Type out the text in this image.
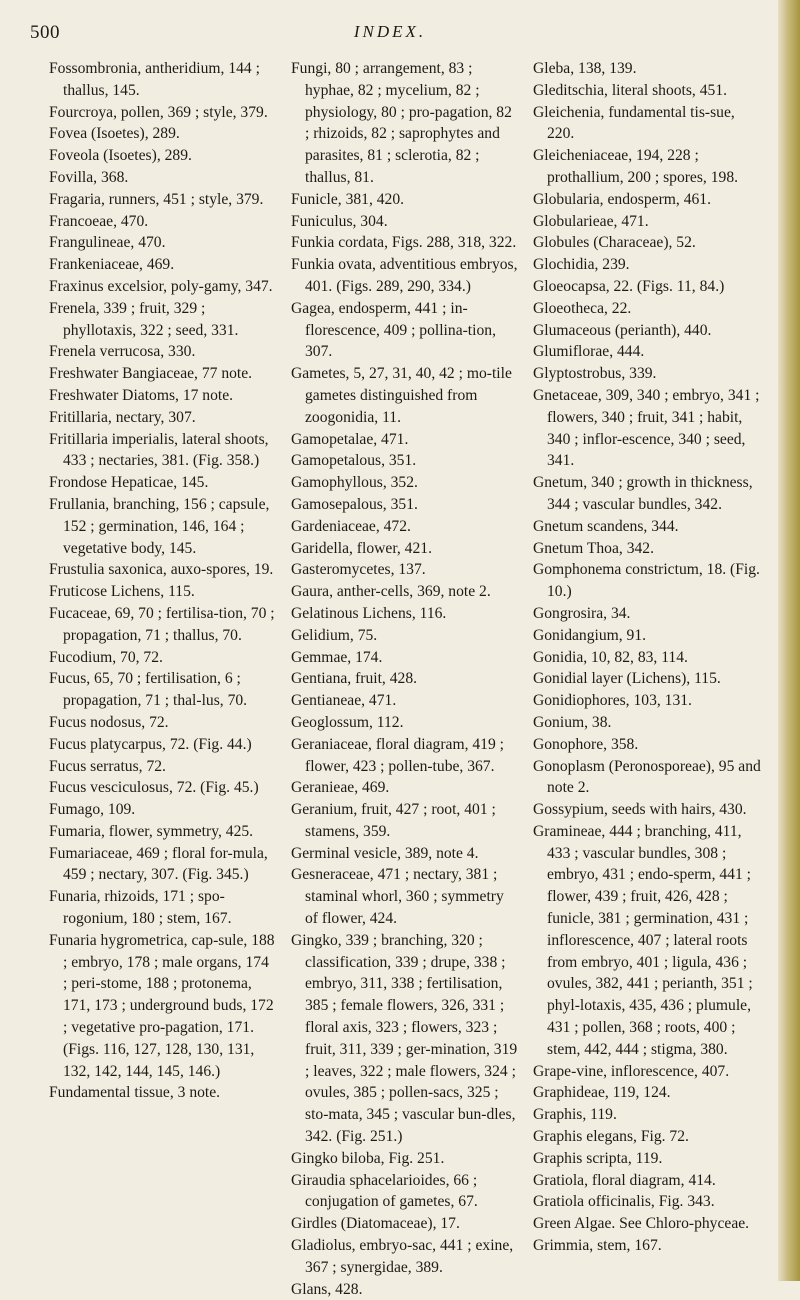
500	INDEX.
Fossombronia, antheridium, 144 ; thallus, 145.
Fourcroya, pollen, 369 ; style, 379.
Fovea (Isoetes), 289.
Foveola (Isoetes), 289.
Fovilla, 368.
Fragaria, runners, 451 ; style, 379.
Francoeae, 470.
Frangulineae, 470.
Frankeniaceae, 469.
Fraxinus excelsior, poly-gamy, 347.
Frenela, 339 ; fruit, 329 ; phyllotaxis, 322 ; seed, 331.
Frenela verrucosa, 330.
Freshwater Bangiaceae, 77 note.
Freshwater Diatoms, 17 note.
Fritillaria, nectary, 307.
Fritillaria imperialis, lateral shoots, 433 ; nectaries, 381. (Fig. 358.)
Frondose Hepaticae, 145.
Frullania, branching, 156 ; capsule, 152 ; germination, 146, 164 ; vegetative body, 145.
Frustulia saxonica, auxo-spores, 19.
Fruticose Lichens, 115.
Fucaceae, 69, 70 ; fertilisa-tion, 70 ; propagation, 71 ; thallus, 70.
Fucodium, 70, 72.
Fucus, 65, 70 ; fertilisation, 6 ; propagation, 71 ; thal-lus, 70.
Fucus nodosus, 72.
Fucus platycarpus, 72. (Fig. 44.)
Fucus serratus, 72.
Fucus vesciculosus, 72. (Fig. 45.)
Fumago, 109.
Fumaria, flower, symmetry, 425.
Fumariaceae, 469 ; floral for-mula, 459 ; nectary, 307. (Fig. 345.)
Funaria, rhizoids, 171 ; spo-rogonium, 180 ; stem, 167.
Funaria hygrometrica, cap-sule, 188 ; embryo, 178 ; male organs, 174 ; peri-stome, 188 ; protonema, 171, 173 ; underground buds, 172 ; vegetative pro-pagation, 171. (Figs. 116, 127, 128, 130, 131, 132, 142, 144, 145, 146.)
Fundamental tissue, 3 note.
Fungi, 80 ; arrangement, 83 ; hyphae, 82 ; mycelium, 82 ; physiology, 80 ; pro-pagation, 82 ; rhizoids, 82 ; saprophytes and parasites, 81 ; sclerotia, 82 ; thallus, 81.
Funicle, 381, 420.
Funiculus, 304.
Funkia cordata, Figs. 288, 318, 322.
Funkia ovata, adventitious embryos, 401. (Figs. 289, 290, 334.)
Gagea, endosperm, 441 ; in-florescence, 409 ; pollina-tion, 307.
Gametes, 5, 27, 31, 40, 42 ; mo-tile gametes distinguished from zoogonidia, 11.
Gamopetalae, 471.
Gamopetalous, 351.
Gamophyllous, 352.
Gamosepalous, 351.
Gardeniaceae, 472.
Garidella, flower, 421.
Gasteromycetes, 137.
Gaura, anther-cells, 369, note 2.
Gelatinous Lichens, 116.
Gelidium, 75.
Gemmae, 174.
Gentiana, fruit, 428.
Gentianeae, 471.
Geoglossum, 112.
Geraniaceae, floral diagram, 419 ; flower, 423 ; pollen-tube, 367.
Geranieae, 469.
Geranium, fruit, 427 ; root, 401 ; stamens, 359.
Germinal vesicle, 389, note 4.
Gesneraceae, 471 ; nectary, 381 ; staminal whorl, 360 ; symmetry of flower, 424.
Gingko, 339 ; branching, 320 ; classification, 339 ; drupe, 338 ; embryo, 311, 338 ; fertilisation, 385 ; female flowers, 326, 331 ; floral axis, 323 ; flowers, 323 ; fruit, 311, 339 ; ger-mination, 319 ; leaves, 322 ; male flowers, 324 ; ovules, 385 ; pollen-sacs, 325 ; sto-mata, 345 ; vascular bun-dles, 342. (Fig. 251.)
Gingko biloba, Fig. 251.
Giraudia sphacelarioides, 66 ; conjugation of gametes, 67.
Girdles (Diatomaceae), 17.
Gladiolus, embryo-sac, 441 ; exine, 367 ; synergidae, 389.
Glans, 428.
Gleba, 138, 139.
Gleditschia, literal shoots, 451.
Gleichenia, fundamental tis-sue, 220.
Gleicheniaceae, 194, 228 ; prothallium, 200 ; spores, 198.
Globularia, endosperm, 461.
Globularieae, 471.
Globules (Characeae), 52.
Glochidia, 239.
Gloeocapsa, 22. (Figs. 11, 84.)
Gloeotheca, 22.
Glumaceous (perianth), 440.
Glumiflorae, 444.
Glyptostrobus, 339.
Gnetaceae, 309, 340 ; embryo, 341 ; flowers, 340 ; fruit, 341 ; habit, 340 ; inflor-escence, 340 ; seed, 341.
Gnetum, 340 ; growth in thickness, 344 ; vascular bundles, 342.
Gnetum scandens, 344.
Gnetum Thoa, 342.
Gomphonema constrictum, 18. (Fig. 10.)
Gongrosira, 34.
Gonidangium, 91.
Gonidia, 10, 82, 83, 114.
Gonidial layer (Lichens), 115.
Gonidiophores, 103, 131.
Gonium, 38.
Gonophore, 358.
Gonoplasm (Peronosporeae), 95 and note 2.
Gossypium, seeds with hairs, 430.
Gramineae, 444 ; branching, 411, 433 ; vascular bundles, 308 ; embryo, 431 ; endo-sperm, 441 ; flower, 439 ; fruit, 426, 428 ; funicle, 381 ; germination, 431 ; inflorescence, 407 ; lateral roots from embryo, 401 ; ligula, 436 ; ovules, 382, 441 ; perianth, 351 ; phyl-lotaxis, 435, 436 ; plumule, 431 ; pollen, 368 ; roots, 400 ; stem, 442, 444 ; stigma, 380.
Grape-vine, inflorescence, 407.
Graphideae, 119, 124.
Graphis, 119.
Graphis elegans, Fig. 72.
Graphis scripta, 119.
Gratiola, floral diagram, 414.
Gratiola officinalis, Fig. 343.
Green Algae. See Chloro-phyceae.
Grimmia, stem, 167.
